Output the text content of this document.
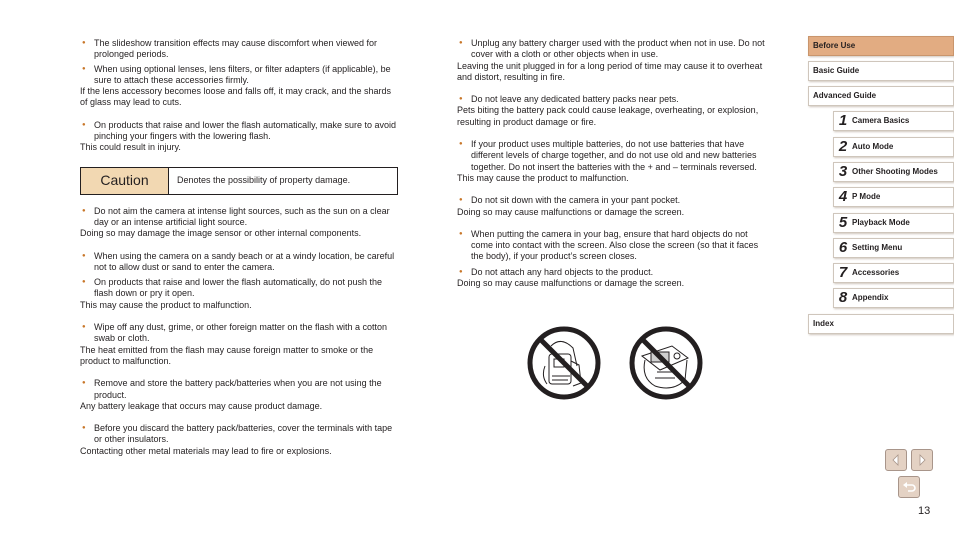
● The slideshow transition effects may cause discomfort when viewed for prolonged periods.
● When using optional lenses, lens filters, or filter adapters (if applicable), be sure to attach these accessories firmly.
If the lens accessory becomes loose and falls off, it may crack, and the shards of glass may lead to cuts.
● On products that raise and lower the flash automatically, make sure to avoid pinching your fingers with the lowering flash.
This could result in injury.
Caution	Denotes the possibility of property damage.
● Do not aim the camera at intense light sources, such as the sun on a clear day or an intense artificial light source.
Doing so may damage the image sensor or other internal components.
● When using the camera on a sandy beach or at a windy location, be careful not to allow dust or sand to enter the camera.
● On products that raise and lower the flash automatically, do not push the flash down or pry it open.
This may cause the product to malfunction.
● Wipe off any dust, grime, or other foreign matter on the flash with a cotton swab or cloth.
The heat emitted from the flash may cause foreign matter to smoke or the product to malfunction.
● Remove and store the battery pack/batteries when you are not using the product.
Any battery leakage that occurs may cause product damage.
● Before you discard the battery pack/batteries, cover the terminals with tape or other insulators.
Contacting other metal materials may lead to fire or explosions.
● Unplug any battery charger used with the product when not in use. Do not cover with a cloth or other objects when in use.
Leaving the unit plugged in for a long period of time may cause it to overheat and distort, resulting in fire.
● Do not leave any dedicated battery packs near pets.
Pets biting the battery pack could cause leakage, overheating, or explosion, resulting in product damage or fire.
● If your product uses multiple batteries, do not use batteries that have different levels of charge together, and do not use old and new batteries together. Do not insert the batteries with the + and – terminals reversed.
This may cause the product to malfunction.
● Do not sit down with the camera in your pant pocket.
Doing so may cause malfunctions or damage the screen.
● When putting the camera in your bag, ensure that hard objects do not come into contact with the screen. Also close the screen (so that it faces the body), if your product’s screen closes.
● Do not attach any hard objects to the product.
Doing so may cause malfunctions or damage the screen.
Before Use
Basic Guide
Advanced Guide
1 Camera Basics
2 Auto Mode
3 Other Shooting Modes
4 P Mode
5 Playback Mode
6 Setting Menu
7 Accessories
8 Appendix
Index
13
